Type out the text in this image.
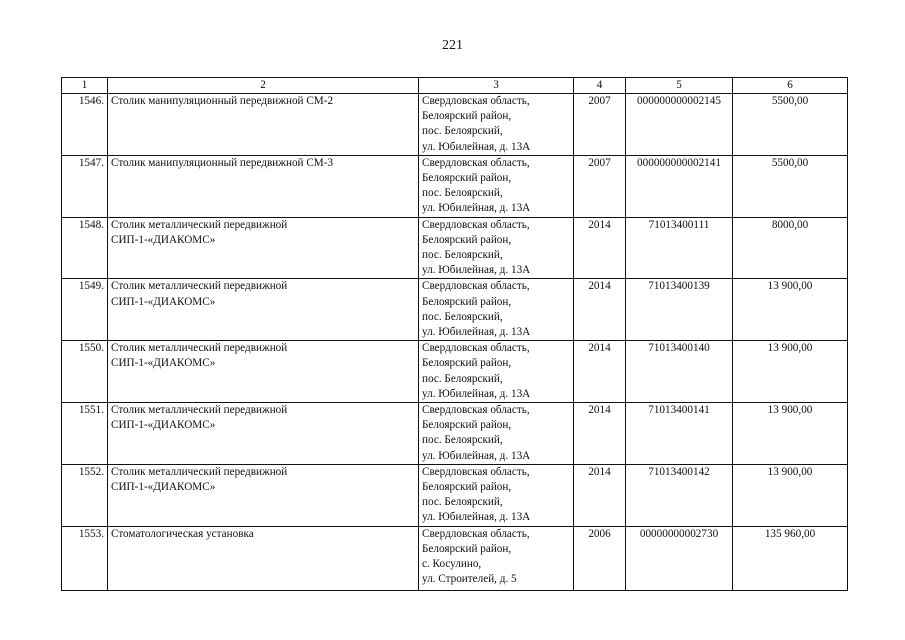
221
1	2	3	4	5	6
1546.	Столик манипуляционный передвижной СМ-2	Свердловская область,
Белоярский район,
пос. Белоярский,
ул. Юбилейная, д. 13А	2007	000000000002145	5500,00
1547.	Столик манипуляционный передвижной СМ-3	Свердловская область,
Белоярский район,
пос. Белоярский,
ул. Юбилейная, д. 13А	2007	000000000002141	5500,00
1548.	Столик металлический передвижной
СИП-1-«ДИАКОМС»	Свердловская область,
Белоярский район,
пос. Белоярский,
ул. Юбилейная, д. 13А	2014	71013400111	8000,00
1549.	Столик металлический передвижной
СИП-1-«ДИАКОМС»	Свердловская область,
Белоярский район,
пос. Белоярский,
ул. Юбилейная, д. 13А	2014	71013400139	13 900,00
1550.	Столик металлический передвижной
СИП-1-«ДИАКОМС»	Свердловская область,
Белоярский район,
пос. Белоярский,
ул. Юбилейная, д. 13А	2014	71013400140	13 900,00
1551.	Столик металлический передвижной
СИП-1-«ДИАКОМС»	Свердловская область,
Белоярский район,
пос. Белоярский,
ул. Юбилейная, д. 13А	2014	71013400141	13 900,00
1552.	Столик металлический передвижной
СИП-1-«ДИАКОМС»	Свердловская область,
Белоярский район,
пос. Белоярский,
ул. Юбилейная, д. 13А	2014	71013400142	13 900,00
1553.	Стоматологическая установка	Свердловская область,
Белоярский район,
с. Косулино,
ул. Строителей, д. 5	2006	00000000002730	135 960,00
